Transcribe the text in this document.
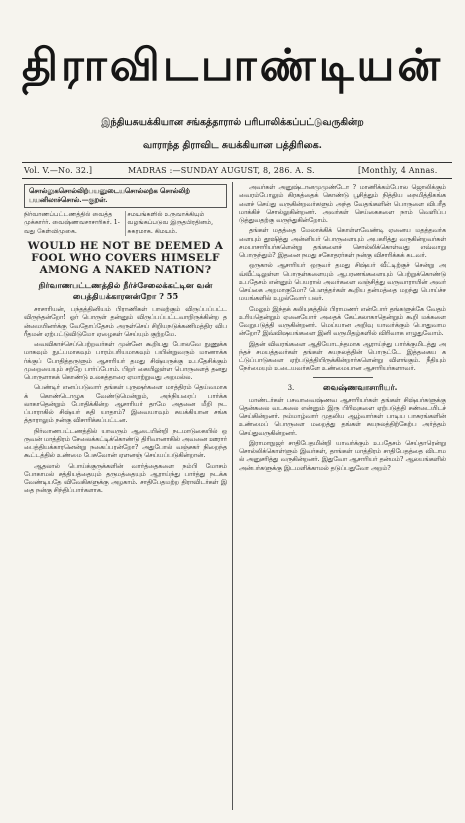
திராவிடபாண்டியன்
இந்தியசுயக்கியான சங்கத்தாரால் பரிபாலிக்கப்பட்டுவருகின்ற
வாராந்த திராவிட சுயக்கியான பத்திரிகை.
Vol. V.—No. 32.]	MADRAS :—SUNDAY AUGUST, 8, 286. A. S.	[Monthly, 4 Annas.
சொல்லுகசொல்லிற்பயனுடையசொல்லற்க சொல்லிற் பயனிலாச்சொல்.—குறள்.
நிர்வாணப்பட்டணத்தில் வைத்த முக்கார்ர். வைஷ்ணவசாசாரிகர். 1-வது கேள்விமுகை.
சமயங்களில் உருவாக்கியும் வழங்கப்படுவ இருதபிரதினம், சுகரமாக. கிமயம்.
WOULD HE NOT BE DEEMED A FOOL WHO COVERS HIMSELF AMONG A NAKED NATION?
நிர்வாணபட்டணத்தில் நீர்ச்சேலைக்கட்டின வன் பைத்தியக்காரனன்றோ ? 55

சாசாரியன், பந்தத்தினியம் பிராணிகள் பாலற்கும் விருப்பப்பட்டவிருந்தன்றோ! ஓர் பொருள் தன்னும் விருப்பப்பட்டவாறிருக்கின்ற தன்மையினர்க்கு வேதோப்தேசம் அருள்செய் சிறியநடுக்கணிமத்திர விபரீதமன் ஏற்பட்டுவிடுமோ ஏழைகள் செய்யும் குற்றமே.

வைவிகாச்செப்பெற்றவர்கள் முன்னே கூறியது போலவே நுணுக்கமாகவும் நுட்பமாகவும் பாரம்பரியமாகவும் பயின்றுவரும் மாணாக்கர்க்குப் போதித்தருளும் ஆசாரியர் தமது சிஷ்யருக்கு உபதேசிக்கும் முறையையும் சற்றே பார்ப்போம். பிறர் கையிலுள்ள பொருளைத் தனது பொருளாகக் கொண்டு உலகத்தாரை ஏமாற்றுவது அறமல்ல.

பெண்டிர் எனப்படுவார் தங்கள் புருஷர்களை மாத்திரம் தெய்வமாகக் கொண்டொழுக வேண்டுமென்றும், அந்நியரைப் பார்க்கலாகாதென்றும் போதிக்கின்ற ஆசாரியர் தாமே அதனை மீறி நடப்பாராகில் சிஷ்யர் கதி யாதாம்? இவையாவும் சுயக்கியான சங்கத்தாராலும் நன்கு விசாரிக்கப்பட்டன.

நிர்வாணபட்டணத்தில் யாவரும் ஆடையின்றி நடமாடுகையில் ஒருவன் மாத்திரம் சேலைக்கட்டிக்கொண்டு திரிவானாகில் அவனை ஊரார் பைத்தியக்காரனென்று நகைப்பரன்றோ? அதுபோல் வஞ்சகர் நிறைந்த கூட்டத்தில் உண்மை பேசுவோன் ஏளனஞ் செய்யப்படுகின்றான்.

ஆதலால் பொய்க்குருக்களின் வார்த்தைகளை நம்பி மோசம் போகாமல் சத்தியத்தையும் தருமத்தையும் ஆராய்ந்து பார்த்து நடக்கவேண்டியதே விவேகிகளுக்கு அழகாம். சாதிபேதமற்ற திராவிடர்கள் இதை நன்கு சிந்திப்பார்களாக.

அவர்கள் அனுஷ்டானமுமுண்டோ ? மாணிக்கம்போல ஜொலிக்கும் வைரம்போலும் கிரகத்தைக் கொண்டு பூசித்தும் நித்திய நைமித்திகங்களைச் செய்து வருகின்றவர்களும் அந்த வேதங்களின் பொருளை விபரீதமாக்கிச் சொல்லுகின்றனர். அவர்கள் செய்கைகளை நாம் வெளிப்படுத்துவதற்கு வருந்துகின்றோம்.

தங்கள் மதத்தை மேலாக்கிக் கொள்ளவேண்டி ஏனைய மதத்தவர்களையும் தூஷித்து அன்னியர் பொருளையும் அபகரித்து வருகின்றவர்கள் சமயாசாரியர்களென்று தங்களைச் சொல்லிக்கொள்வது எவ்வாறு பொருந்தும்? இதனை நமது சகோதரர்கள் நன்கு விசாரிக்கக் கடவர்.

ஒருகால் ஆசாரியர் ஒருவர் தமது சிஷ்யர் வீட்டிற்குச் சென்று அவ்வீட்டிலுள்ள பொருள்களையும் ஆபரணங்களையும் பெற்றுக்கொண்டு உபதேசம் என்னும் பெயரால் அவர்களை வஞ்சித்து வருவாராயின் அவர் செய்கை அறமாகுமோ? பௌத்தர்கள் கூறிய தன்மத்தை மறந்து பொய்ச்சமயங்களில் உழல்வோர் பலர்.

மேலும் இந்தக் கலியுகத்தில் பிராமணர் என்போர் தங்களுக்கே வேதம் உரியதென்றும் ஏனையோர் அதைக் கேட்கலாகாதென்றும் கூறி மக்களை வேறுபடுத்தி வருகின்றனர். மெய்யான அறிவு யாவர்க்கும் பொதுவாமன்றோ? இவ்விஷயங்களை இனி வருமிதழ்களில் விரிவாக எழுதுவோம்.

இதன் விவரங்களை ஆதியோடந்தமாக ஆராய்ந்து பார்க்குமிடத்து அந்தச் சமயத்தவர்கள் தங்கள் சுயநலத்தின் பொருட்டே இத்தகைய கட்டுப்பாடுகளை ஏற்படுத்தியிருக்கின்றார்களென்று விளங்கும். நீதியும் நேர்மையும் உடையவர்களே உண்மையான ஆசாரியர்களாவர்.

3.	வைஷ்ணவாசாரியர்.

மாண்டர்கள் பசவாவைஷ்ணவ ஆசாரியர்கள் தங்கள் சிஷ்யர்களுக்கு தென்கலை வடகலை என்னும் இரு பிரிவுகளை ஏற்படுத்தி சண்டையிடச் செய்கின்றனர். நம்மாழ்வார் முதலிய ஆழ்வார்கள் பாடிய பாசுரங்களின் உண்மைப் பொருளை மறைத்து தங்கள் சுயநலத்திற்கேற்ப அர்த்தம் செய்துவருகின்றனர்.

இராமாநுஜர் சாதிபேதமின்றி யாவர்க்கும் உபதேசம் செய்தாரென்று சொல்லிக்கொள்ளும் இவர்கள், தாங்கள் மாத்திரம் சாதிபேதத்தை விடாமல் அனுசரித்து வருகின்றனர். இதுவோ ஆசாரியர் தன்மம்? ஆலயங்களில் அன்பர்களுக்கு இடமளிக்காமல் தடுப்பதுவோ அறம்?
